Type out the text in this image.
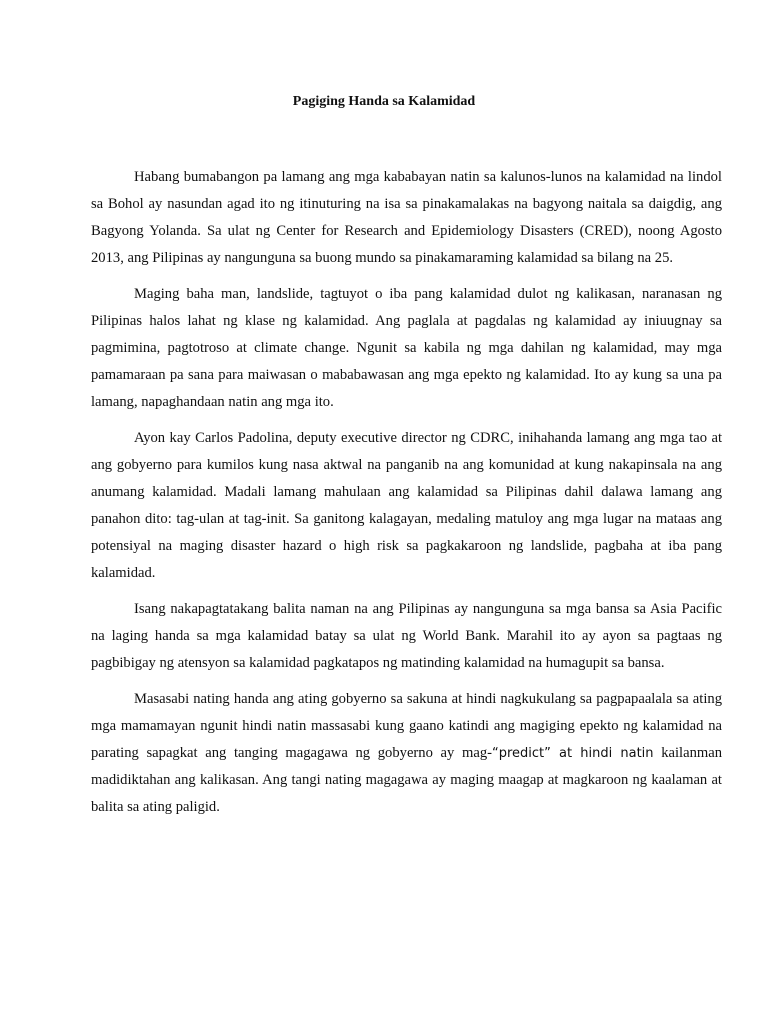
Pagiging Handa sa Kalamidad

Habang bumabangon pa lamang ang mga kababayan natin sa kalunos-lunos na kalamidad na lindol sa Bohol ay nasundan agad ito ng itinuturing na isa sa pinakamalakas na bagyong naitala sa daigdig, ang Bagyong Yolanda. Sa ulat ng Center for Research and Epidemiology Disasters (CRED), noong Agosto 2013, ang Pilipinas ay nangunguna sa buong mundo sa pinakamaraming kalamidad sa bilang na 25.

Maging baha man, landslide, tagtuyot o iba pang kalamidad dulot ng kalikasan, naranasan ng Pilipinas halos lahat ng klase ng kalamidad. Ang paglala at pagdalas ng kalamidad ay iniuugnay sa pagmimina, pagtotroso at climate change. Ngunit sa kabila ng mga dahilan ng kalamidad, may mga pamamaraan pa sana para maiwasan o mababawasan ang mga epekto ng kalamidad. Ito ay kung sa una pa lamang, napaghandaan natin ang mga ito.

Ayon kay Carlos Padolina, deputy executive director ng CDRC, inihahanda lamang ang mga tao at ang gobyerno para kumilos kung nasa aktwal na panganib na ang komunidad at kung nakapinsala na ang anumang kalamidad. Madali lamang mahulaan ang kalamidad sa Pilipinas dahil dalawa lamang ang panahon dito: tag-ulan at tag-init. Sa ganitong kalagayan, medaling matuloy ang mga lugar na mataas ang potensiyal na maging disaster hazard o high risk sa pagkakaroon ng landslide, pagbaha at iba pang kalamidad.

Isang nakapagtatakang balita naman na ang Pilipinas ay nangunguna sa mga bansa sa Asia Pacific na laging handa sa mga kalamidad batay sa ulat ng World Bank. Marahil ito ay ayon sa pagtaas ng pagbibigay ng atensyon sa kalamidad pagkatapos ng matinding kalamidad na humagupit sa bansa.

Masasabi nating handa ang ating gobyerno sa sakuna at hindi nagkukulang sa pagpapaalala sa ating mga mamamayan ngunit hindi natin massasabi kung gaano katindi ang magiging epekto ng kalamidad na parating sapagkat ang tanging magagawa ng gobyerno ay mag-“predict” at hindi natin kailanman madidiktahan ang kalikasan. Ang tangi nating magagawa ay maging maagap at magkaroon ng kaalaman at balita sa ating paligid.
